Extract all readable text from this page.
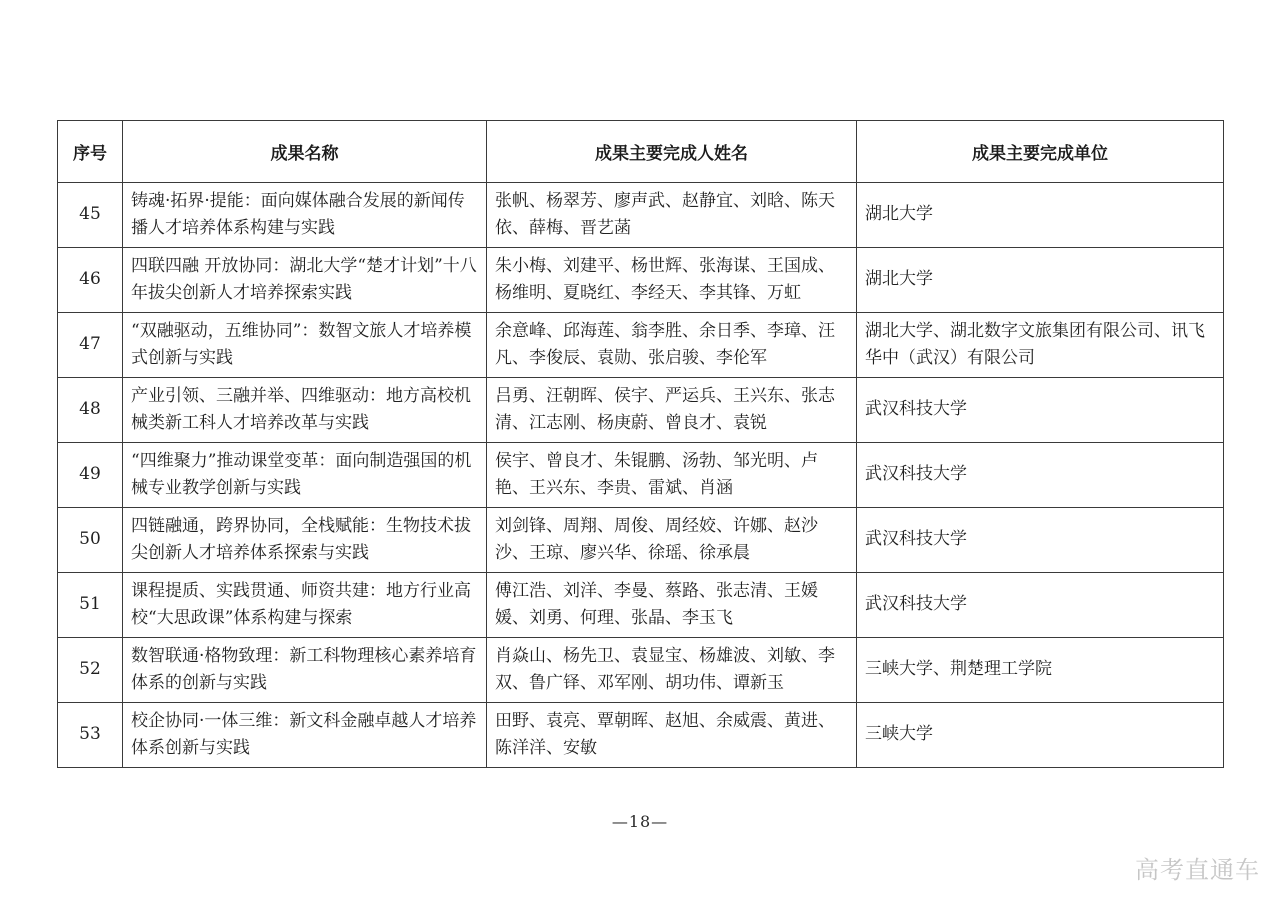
序号	成果名称	成果主要完成人姓名	成果主要完成单位
45	铸魂·拓界·提能：面向媒体融合发展的新闻传播人才培养体系构建与实践	张帆、杨翠芳、廖声武、赵静宜、刘晗、陈天依、薛梅、晋艺菡	湖北大学
46	四联四融 开放协同：湖北大学“楚才计划”十八年拔尖创新人才培养探索实践	朱小梅、刘建平、杨世辉、张海谋、王国成、杨维明、夏晓红、李经天、李其锋、万虹	湖北大学
47	“双融驱动，五维协同”：数智文旅人才培养模式创新与实践	余意峰、邱海莲、翁李胜、余日季、李璋、汪凡、李俊辰、袁勋、张启骏、李伦军	湖北大学、湖北数字文旅集团有限公司、讯飞华中（武汉）有限公司
48	产业引领、三融并举、四维驱动：地方高校机械类新工科人才培养改革与实践	吕勇、汪朝晖、侯宇、严运兵、王兴东、张志清、江志刚、杨庚蔚、曾良才、袁锐	武汉科技大学
49	“四维聚力”推动课堂变革：面向制造强国的机械专业教学创新与实践	侯宇、曾良才、朱锟鹏、汤勃、邹光明、卢艳、王兴东、李贵、雷斌、肖涵	武汉科技大学
50	四链融通，跨界协同，全栈赋能：生物技术拔尖创新人才培养体系探索与实践	刘剑锋、周翔、周俊、周经姣、许娜、赵沙沙、王琼、廖兴华、徐瑶、徐承晨	武汉科技大学
51	课程提质、实践贯通、师资共建：地方行业高校“大思政课”体系构建与探索	傅江浩、刘洋、李曼、蔡路、张志清、王媛媛、刘勇、何理、张晶、李玉飞	武汉科技大学
52	数智联通·格物致理：新工科物理核心素养培育体系的创新与实践	肖焱山、杨先卫、袁显宝、杨雄波、刘敏、李双、鲁广铎、邓军刚、胡功伟、谭新玉	三峡大学、荆楚理工学院
53	校企协同·一体三维：新文科金融卓越人才培养体系创新与实践	田野、袁亮、覃朝晖、赵旭、余威震、黄进、陈洋洋、安敏	三峡大学
—18—
高考直通车
